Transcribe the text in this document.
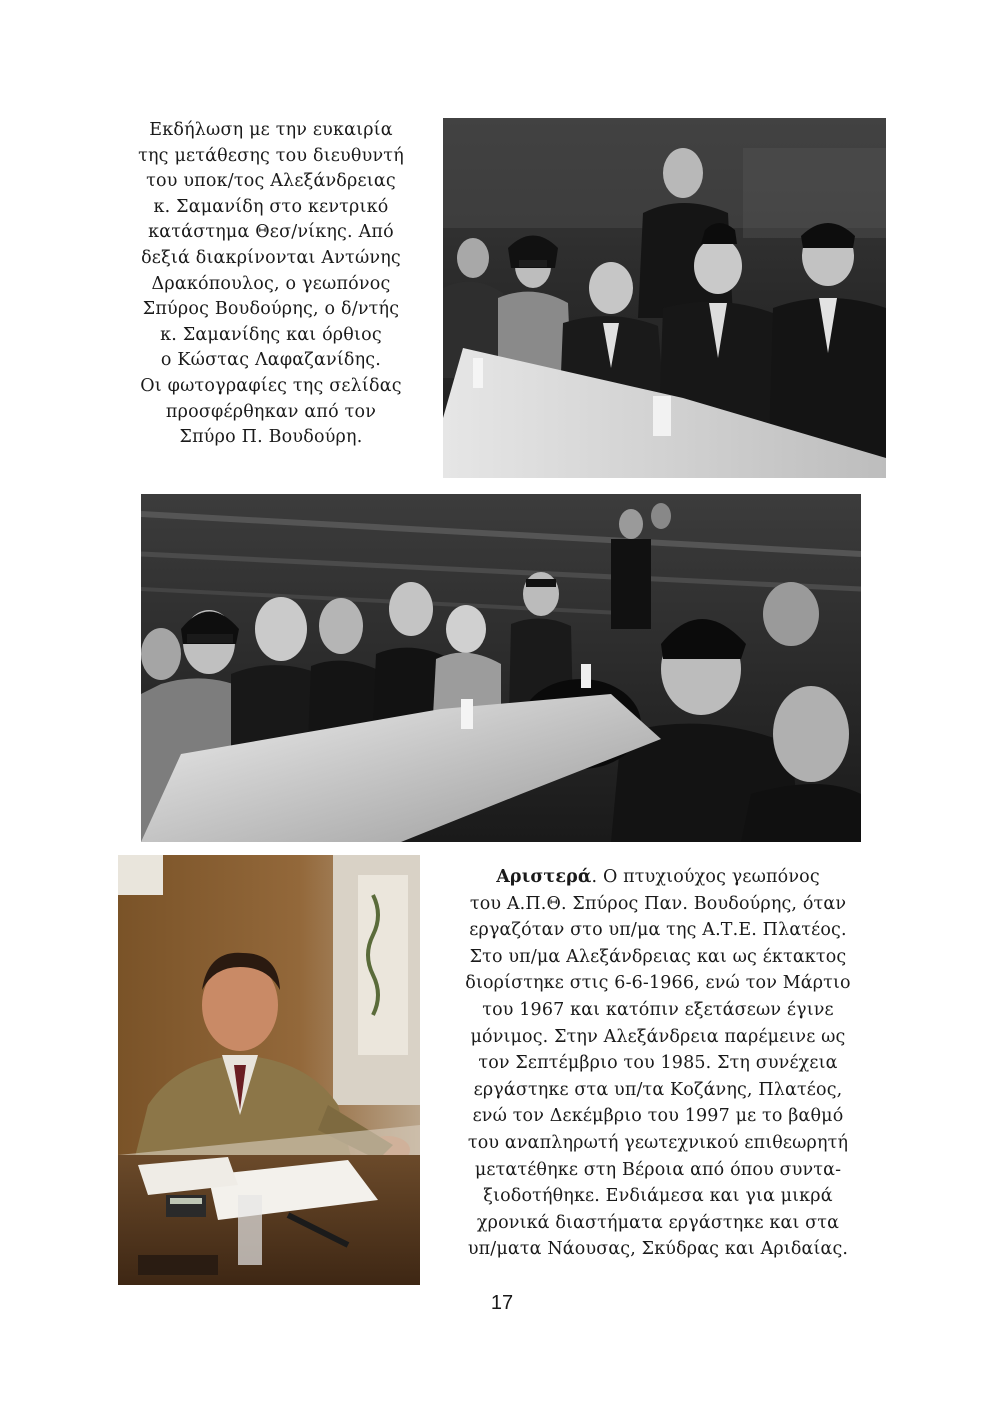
Εκδήλωση με την ευκαιρία
της μετάθεσης του διευθυντή
του υποκ/τος Αλεξάνδρειας
κ. Σαμανίδη στο κεντρικό
κατάστημα Θεσ/νίκης. Από
δεξιά διακρίνονται Αντώνης
Δρακόπουλος, ο γεωπόνος
Σπύρος Βουδούρης, ο δ/ντής
κ. Σαμανίδης και όρθιος
ο Κώστας Λαφαζανίδης.
Οι φωτογραφίες της σελίδας
προσφέρθηκαν από τον
Σπύρο Π. Βουδούρη.
Αριστερά. Ο πτυχιούχος γεωπόνος
του Α.Π.Θ. Σπύρος Παν. Βουδούρης, όταν
εργαζόταν στο υπ/μα της Α.Τ.Ε. Πλατέος.
Στο υπ/μα Αλεξάνδρειας και ως έκτακτος
διορίστηκε στις 6-6-1966, ενώ τον Μάρτιο
του 1967 και κατόπιν εξετάσεων έγινε
μόνιμος. Στην Αλεξάνδρεια παρέμεινε ως
τον Σεπτέμβριο του 1985. Στη συνέχεια
εργάστηκε στα υπ/τα Κοζάνης, Πλατέος,
ενώ τον Δεκέμβριο του 1997 με το βαθμό
του αναπληρωτή γεωτεχνικού επιθεωρητή
μετατέθηκε στη Βέροια από όπου συντα-
ξιοδοτήθηκε. Ενδιάμεσα και για μικρά
χρονικά διαστήματα εργάστηκε και στα
υπ/ματα Νάουσας, Σκύδρας και Αριδαίας.
17
